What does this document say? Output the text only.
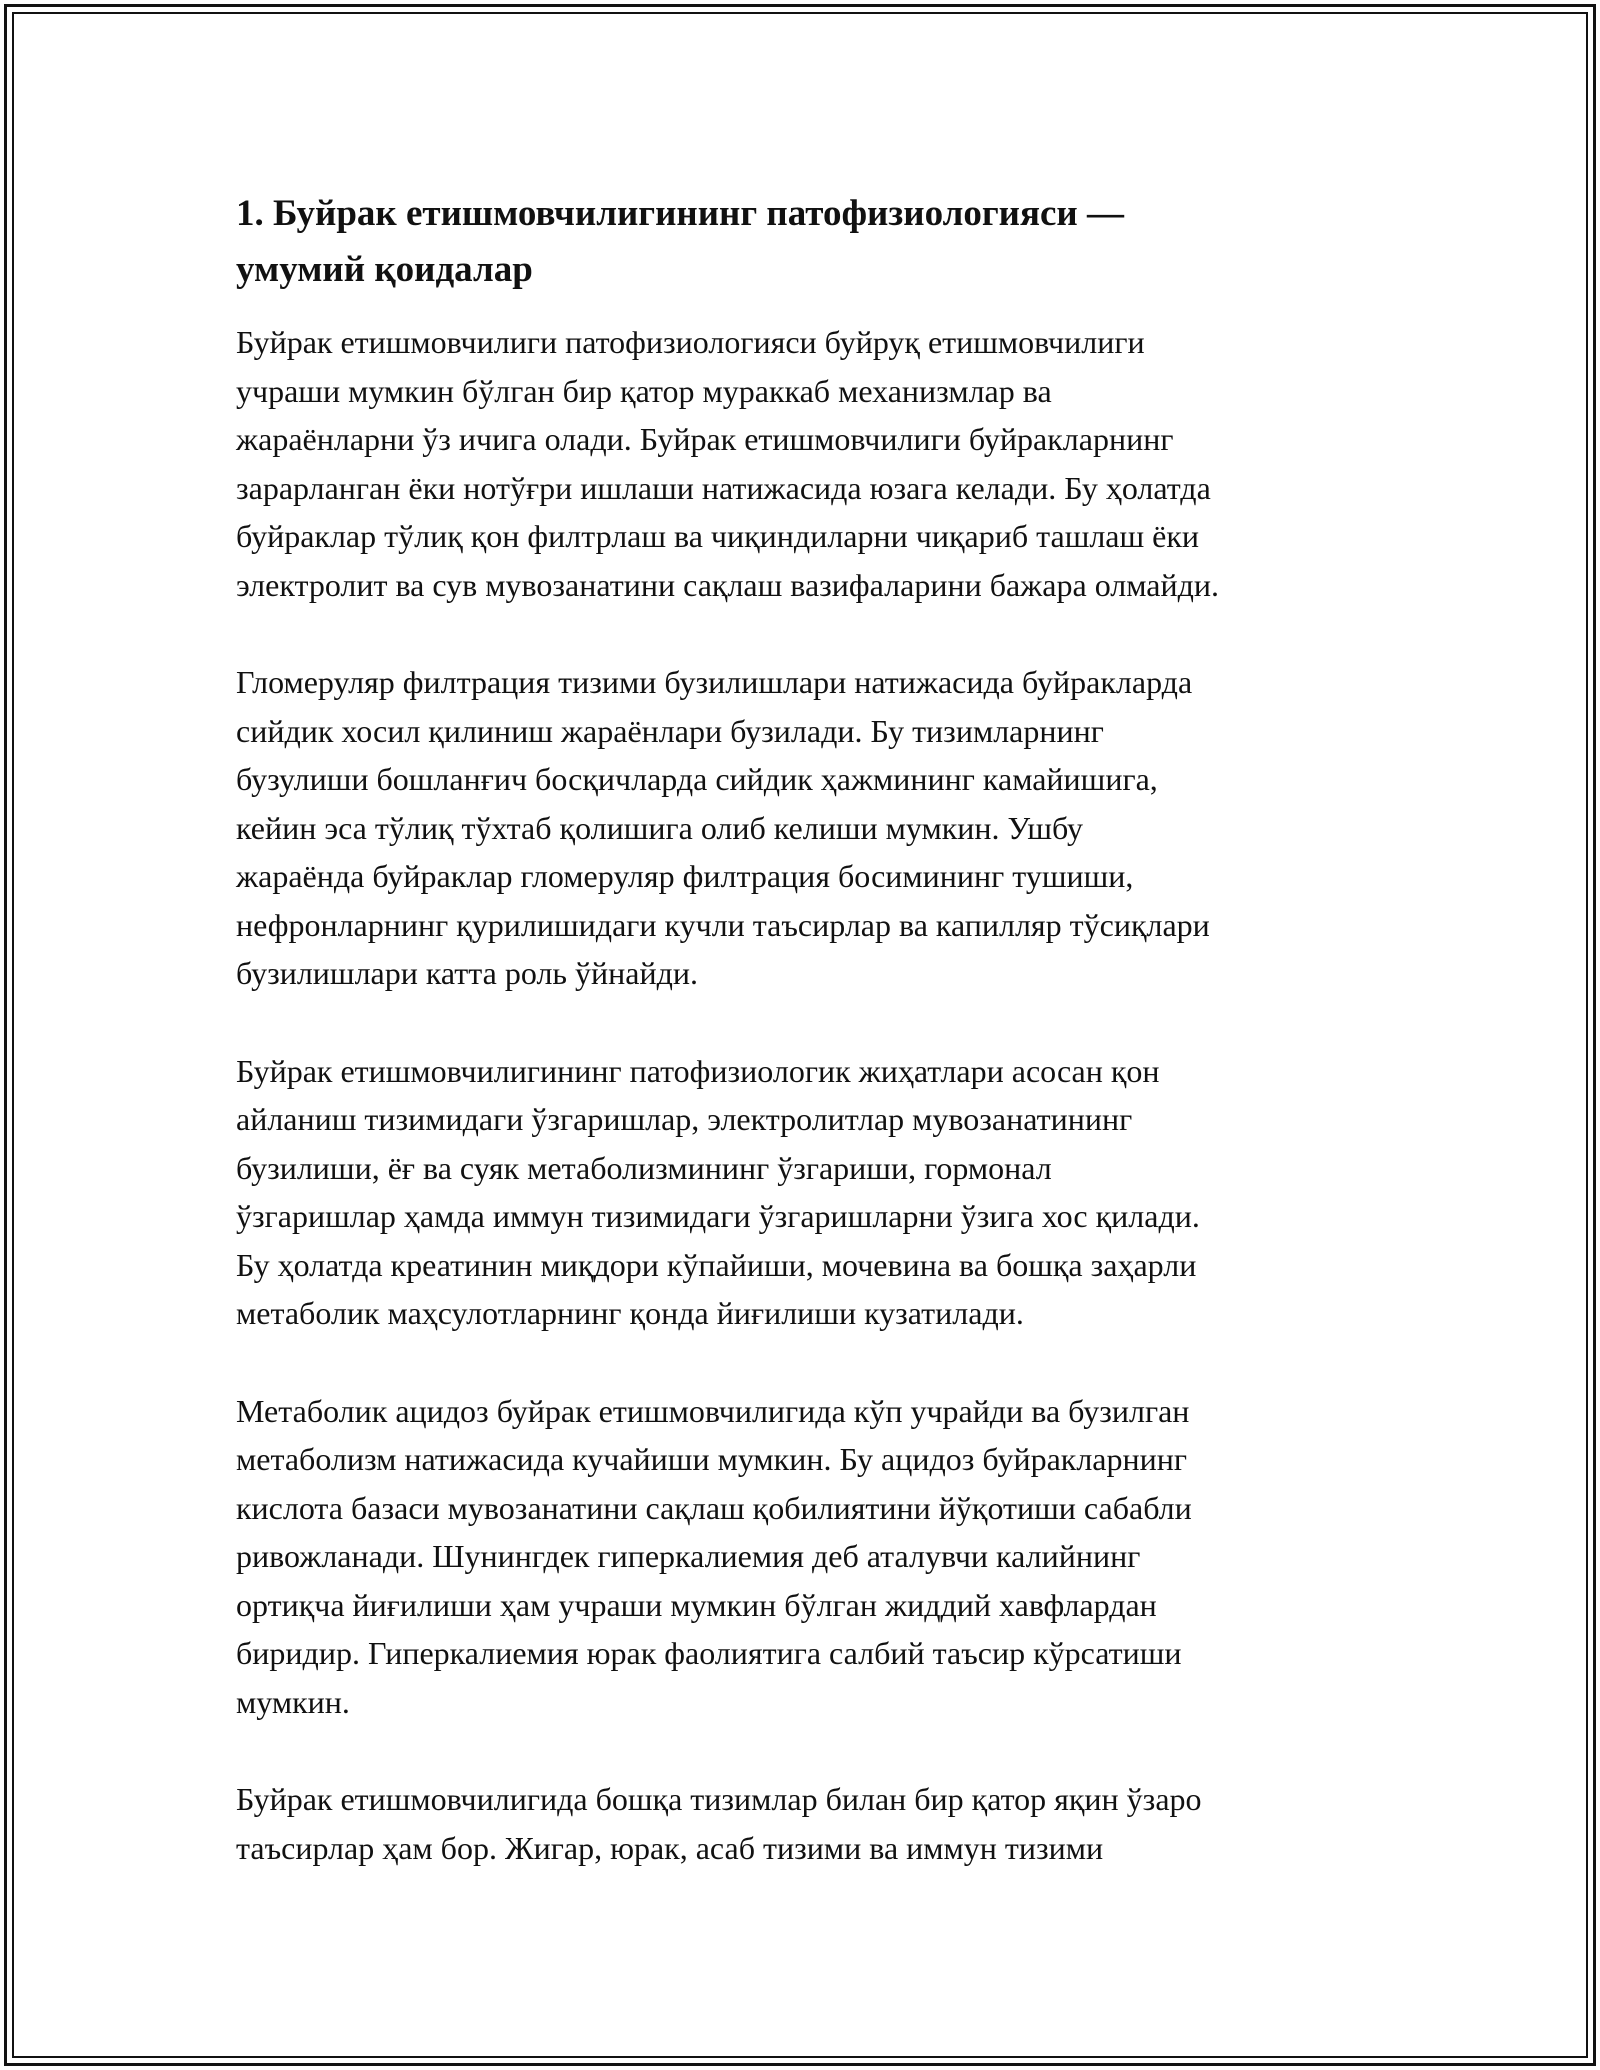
1. Буйрак етишмовчилигининг патофизиологияси —
умумий қоидалар

Буйрак етишмовчилиги патофизиологияси буйруқ етишмовчилиги
учраши мумкин бўлган бир қатор мураккаб механизмлар ва
жараёнларни ўз ичига олади. Буйрак етишмовчилиги буйракларнинг
зарарланган ёки нотўғри ишлаши натижасида юзага келади. Бу ҳолатда
буйраклар тўлиқ қон филтрлаш ва чиқиндиларни чиқариб ташлаш ёки
электролит ва сув мувозанатини сақлаш вазифаларини бажара олмайди.

Гломеруляр филтрация тизими бузилишлари натижасида буйракларда
сийдик хосил қилиниш жараёнлари бузилади. Бу тизимларнинг
бузулиши бошланғич босқичларда сийдик ҳажмининг камайишига,
кейин эса тўлиқ тўхтаб қолишига олиб келиши мумкин. Ушбу
жараёнда буйраклар гломеруляр филтрация босимининг тушиши,
нефронларнинг қурилишидаги кучли таъсирлар ва капилляр тўсиқлари
бузилишлари катта роль ўйнайди.

Буйрак етишмовчилигининг патофизиологик жиҳатлари асосан қон
айланиш тизимидаги ўзгаришлар, электролитлар мувозанатининг
бузилиши, ёғ ва суяк метаболизмининг ўзгариши, гормонал
ўзгаришлар ҳамда иммун тизимидаги ўзгаришларни ўзига хос қилади.
Бу ҳолатда креатинин миқдори кўпайиши, мочевина ва бошқа заҳарли
метаболик маҳсулотларнинг қонда йиғилиши кузатилади.

Метаболик ацидоз буйрак етишмовчилигида кўп учрайди ва бузилган
метаболизм натижасида кучайиши мумкин. Бу ацидоз буйракларнинг
кислота базаси мувозанатини сақлаш қобилиятини йўқотиши сабабли
ривожланади. Шунингдек гиперкалиемия деб аталувчи калийнинг
ортиқча йиғилиши ҳам учраши мумкин бўлган жиддий хавфлардан
биридир. Гиперкалиемия юрак фаолиятига салбий таъсир кўрсатиши
мумкин.

Буйрак етишмовчилигида бошқа тизимлар билан бир қатор яқин ўзаро
таъсирлар ҳам бор. Жигар, юрак, асаб тизими ва иммун тизими
